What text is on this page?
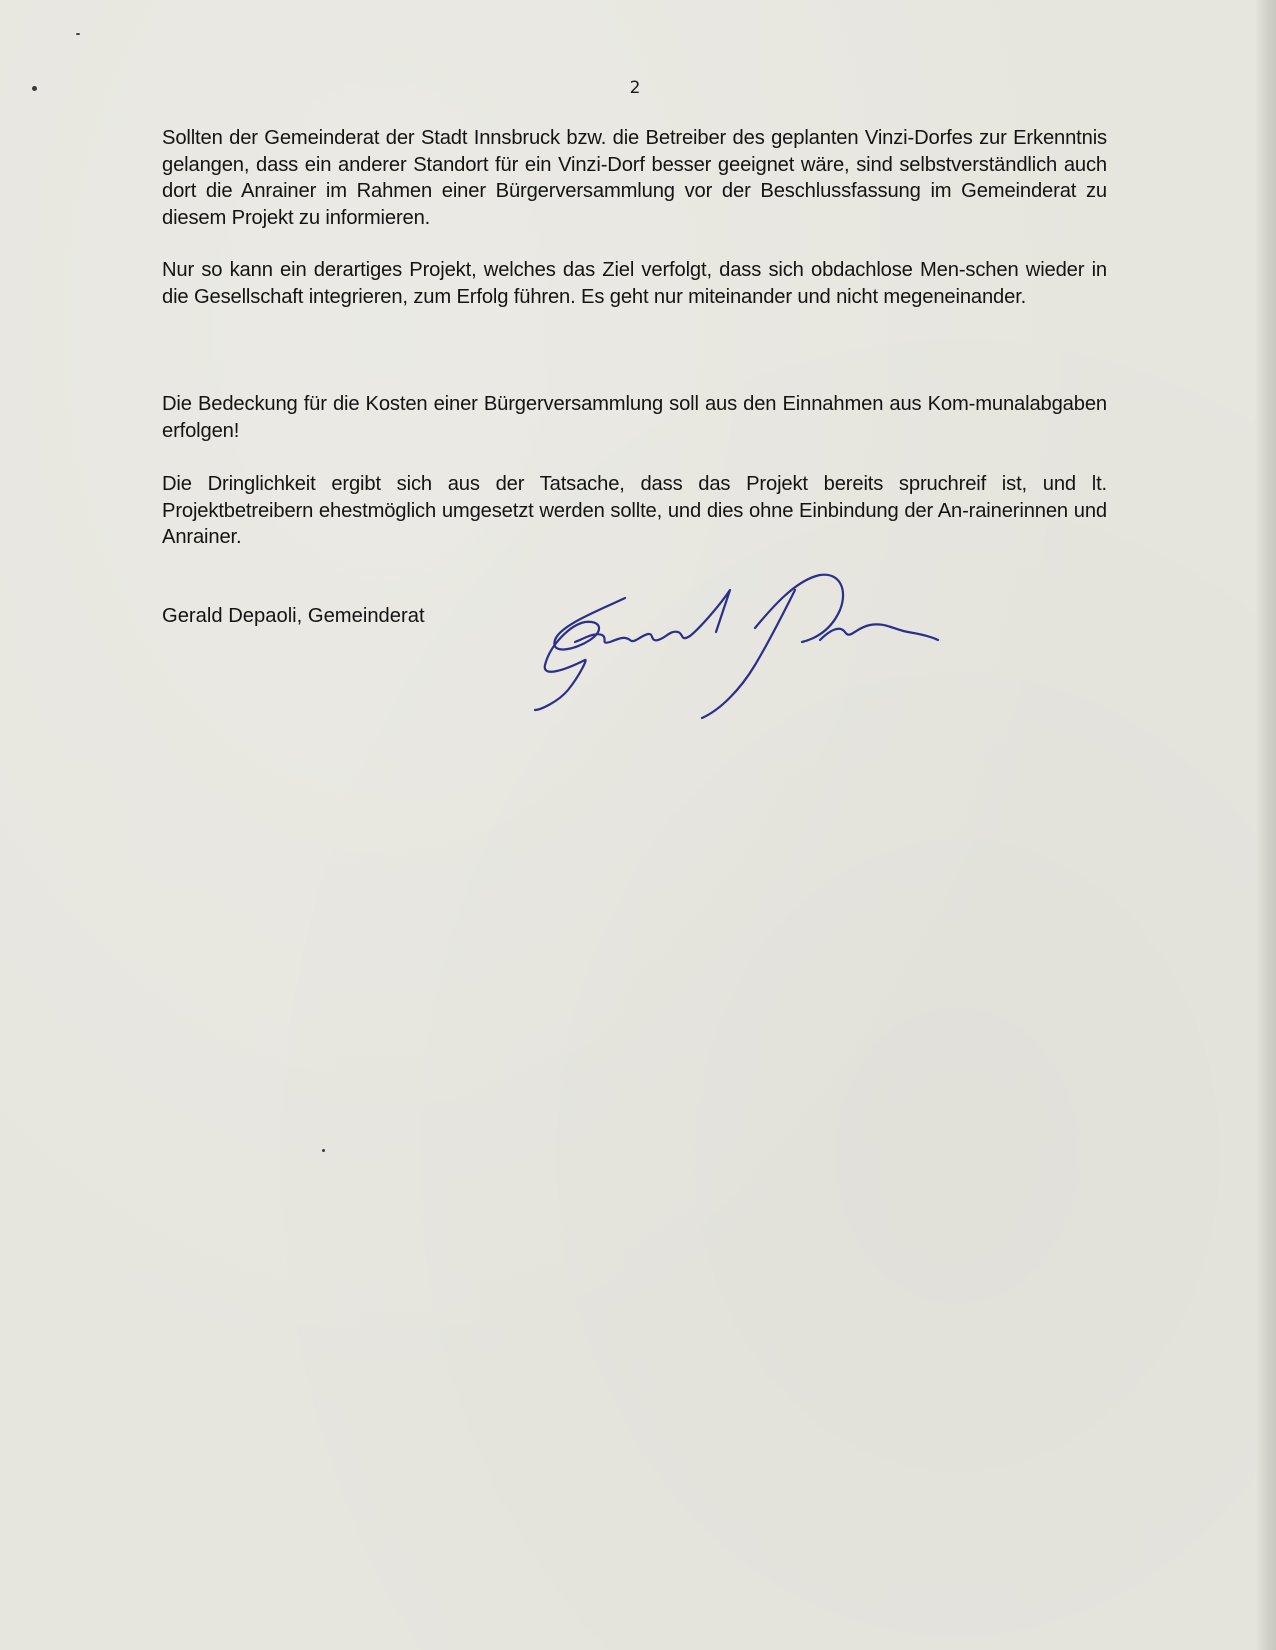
2

Sollten der Gemeinderat der Stadt Innsbruck bzw. die Betreiber des geplanten Vinzi-Dorfes zur Erkenntnis gelangen, dass ein anderer Standort für ein Vinzi-Dorf besser geeignet wäre, sind selbstverständlich auch dort die Anrainer im Rahmen einer Bürgerversammlung vor der Beschlussfassung im Gemeinderat zu diesem Projekt zu informieren.

Nur so kann ein derartiges Projekt, welches das Ziel verfolgt, dass sich obdachlose Men-schen wieder in die Gesellschaft integrieren, zum Erfolg führen. Es geht nur miteinander und nicht megeneinander.

Die Bedeckung für die Kosten einer Bürgerversammlung soll aus den Einnahmen aus Kom-munalabgaben erfolgen!

Die Dringlichkeit ergibt sich aus der Tatsache, dass das Projekt bereits spruchreif ist, und lt. Projektbetreibern ehestmöglich umgesetzt werden sollte, und dies ohne Einbindung der An-rainerinnen und Anrainer.

Gerald Depaoli, Gemeinderat
